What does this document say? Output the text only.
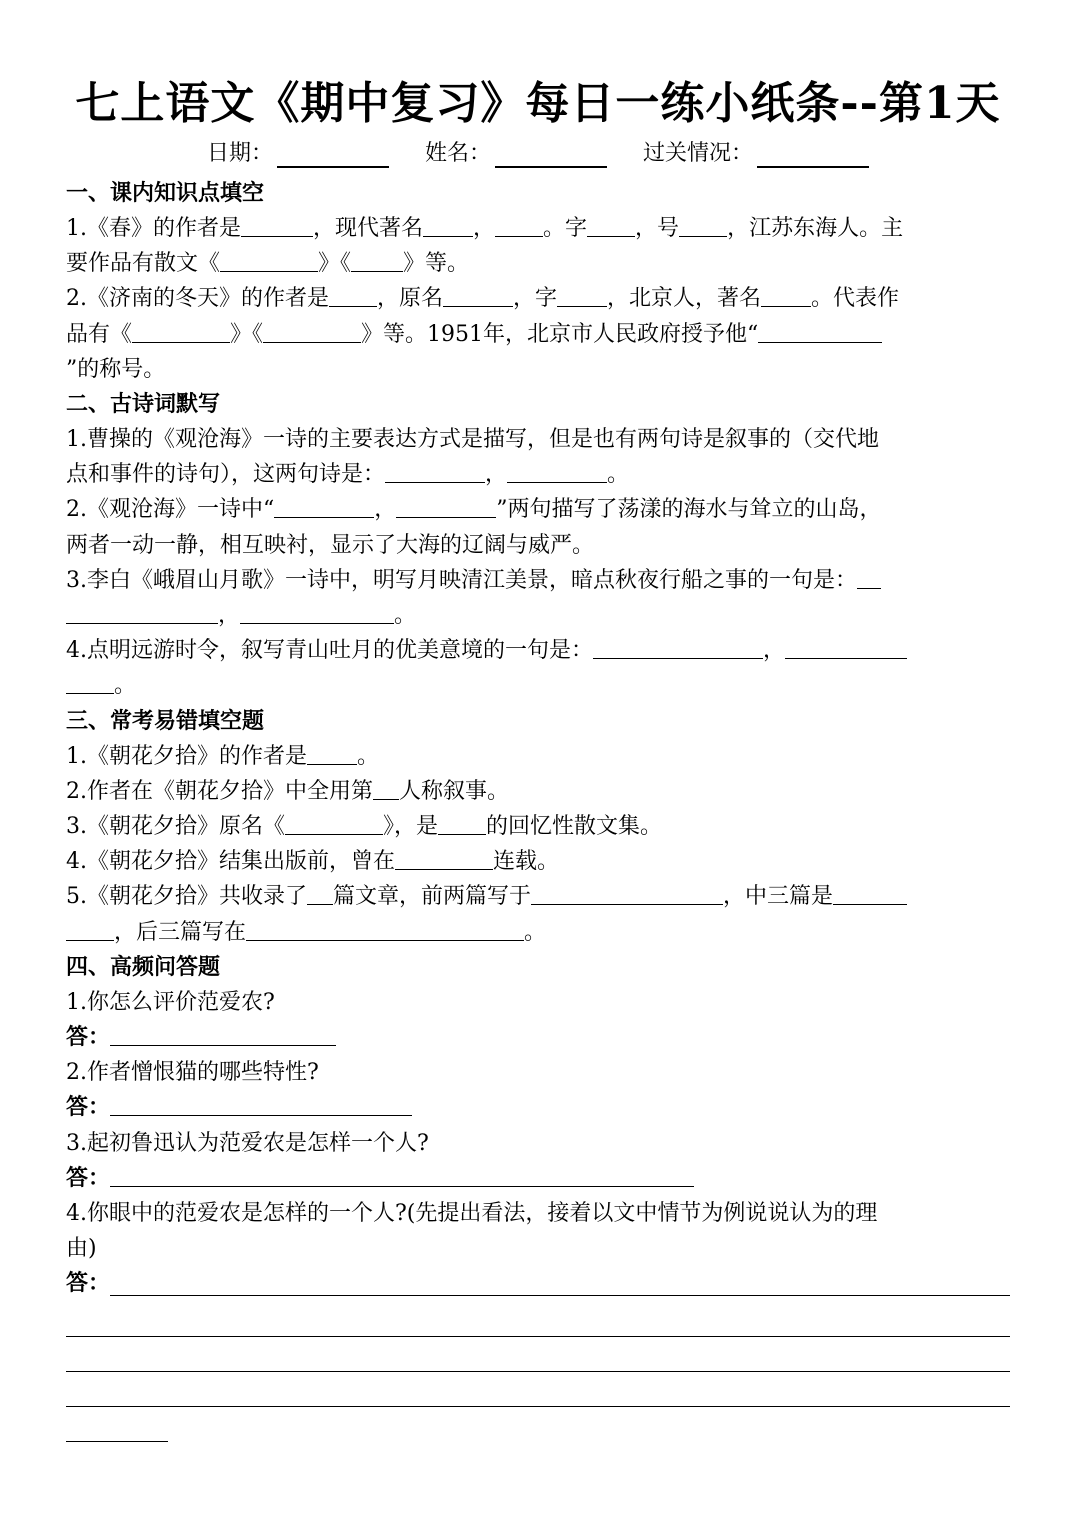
七上语文《期中复习》每日一练小纸条--第1天
日期：	姓名：	过关情况：
一、课内知识点填空
1.《春》的作者是	，现代著名 ， 。字 ，号 ，江苏东海人。主
要作品有散文《	》《 》等。
2.《济南的冬天》的作者是 ，原名	，字 ，北京人，著名 。代表作
品有《	》《	》等。1951年，北京市人民政府授予他“
”的称号。
二、古诗词默写
1.曹操的《观沧海》一诗的主要表达方式是描写，但是也有两句诗是叙事的（交代地
点和事件的诗句），这两句诗是：	，	。
2.《观沧海》一诗中“	，	”两句描写了荡漾的海水与耸立的山岛，
两者一动一静，相互映衬，显示了大海的辽阔与威严。
3.李白《峨眉山月歌》一诗中，明写月映清江美景，暗点秋夜行船之事的一句是：
，	。
4.点明远游时令，叙写青山吐月的优美意境的一句是：	，
。
三、常考易错填空题
1.《朝花夕拾》的作者是 。
2.作者在《朝花夕拾》中全用第 人称叙事。
3.《朝花夕拾》原名《	》，是 的回忆性散文集。
4.《朝花夕拾》结集出版前，曾在	连载。
5.《朝花夕拾》共收录了 篇文章，前两篇写于	，中三篇是
，后三篇写在	。
四、高频问答题
1.你怎么评价范爱农?
答：
2.作者憎恨猫的哪些特性?
答：
3.起初鲁迅认为范爱农是怎样一个人?
答：
4.你眼中的范爱农是怎样的一个人?(先提出看法，接着以文中情节为例说说认为的理
由)
答：
